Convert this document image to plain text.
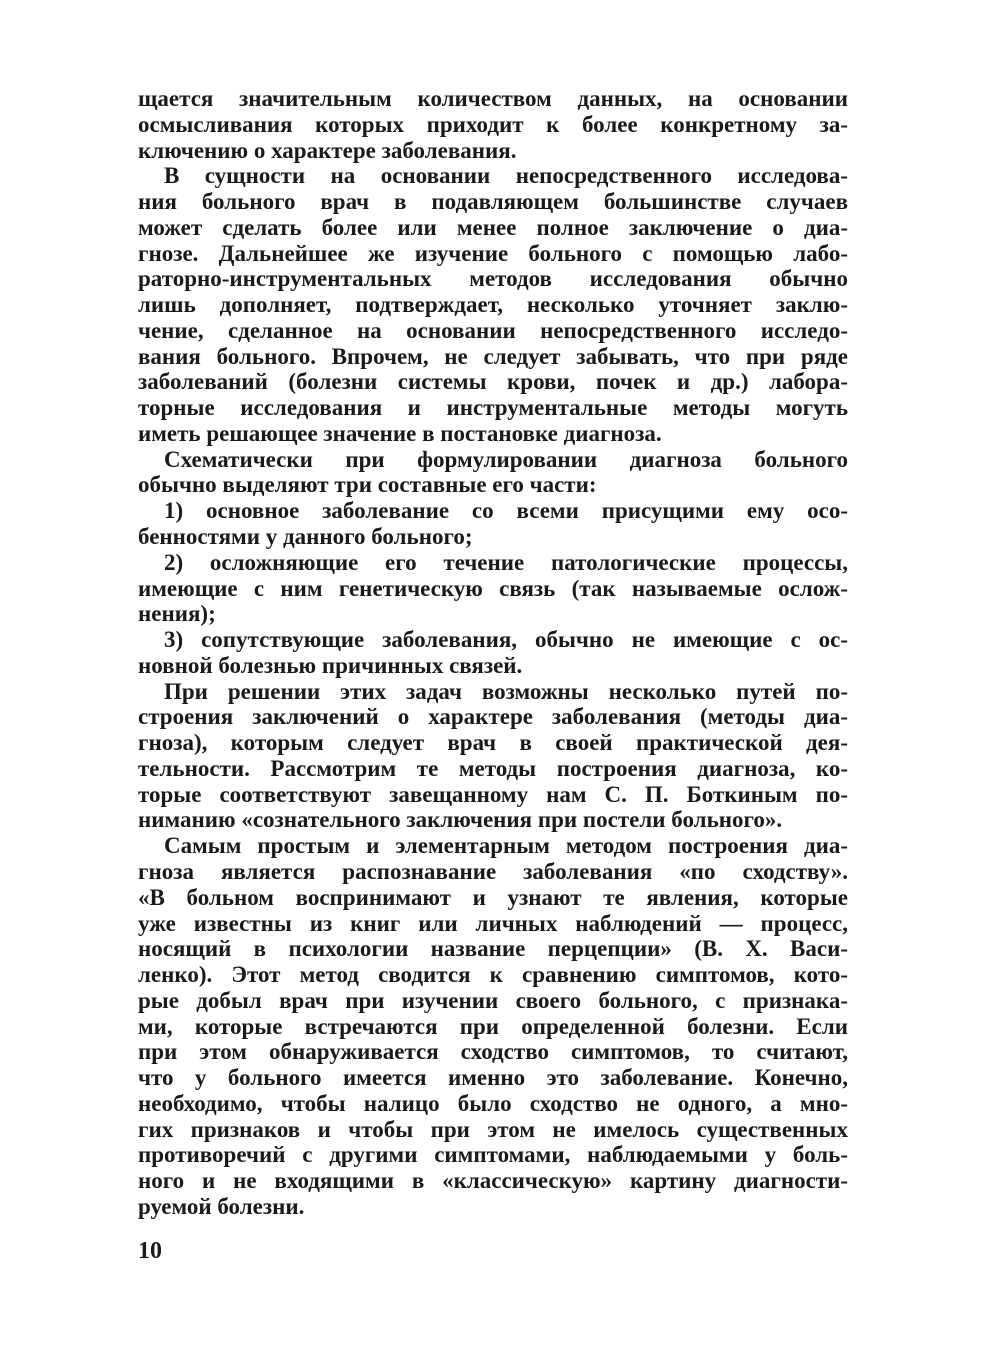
щается значительным количеством данных, на основании
осмысливания которых приходит к более конкретному за-
ключению о характере заболевания.
В сущности на основании непосредственного исследова-
ния больного врач в подавляющем большинстве случаев
может сделать более или менее полное заключение о диа-
гнозе. Дальнейшее же изучение больного с помощью лабо-
раторно-инструментальных методов исследования обычно
лишь дополняет, подтверждает, несколько уточняет заклю-
чение, сделанное на основании непосредственного исследо-
вания больного. Впрочем, не следует забывать, что при ряде
заболеваний (болезни системы крови, почек и др.) лабора-
торные исследования и инструментальные методы могуть
иметь решающее значение в постановке диагноза.
Схематически при формулировании диагноза больного
обычно выделяют три составные его части:
1) основное заболевание со всеми присущими ему осо-
бенностями у данного больного;
2) осложняющие его течение патологические процессы,
имеющие с ним генетическую связь (так называемые ослож-
нения);
3) сопутствующие заболевания, обычно не имеющие с ос-
новной болезнью причинных связей.
При решении этих задач возможны несколько путей по-
строения заключений о характере заболевания (методы диа-
гноза), которым следует врач в своей практической дея-
тельности. Рассмотрим те методы построения диагноза, ко-
торые соответствуют завещанному нам С. П. Боткиным по-
ниманию «сознательного заключения при постели больного».
Самым простым и элементарным методом построения диа-
гноза является распознавание заболевания «по сходству».
«В больном воспринимают и узнают те явления, которые
уже известны из книг или личных наблюдений — процесс,
носящий в психологии название перцепции» (В. Х. Васи-
ленко). Этот метод сводится к сравнению симптомов, кото-
рые добыл врач при изучении своего больного, с признака-
ми, которые встречаются при определенной болезни. Если
при этом обнаруживается сходство симптомов, то считают,
что у больного имеется именно это заболевание. Конечно,
необходимо, чтобы налицо было сходство не одного, а мно-
гих признаков и чтобы при этом не имелось существенных
противоречий с другими симптомами, наблюдаемыми у боль-
ного и не входящими в «классическую» картину диагности-
руемой болезни.
10
